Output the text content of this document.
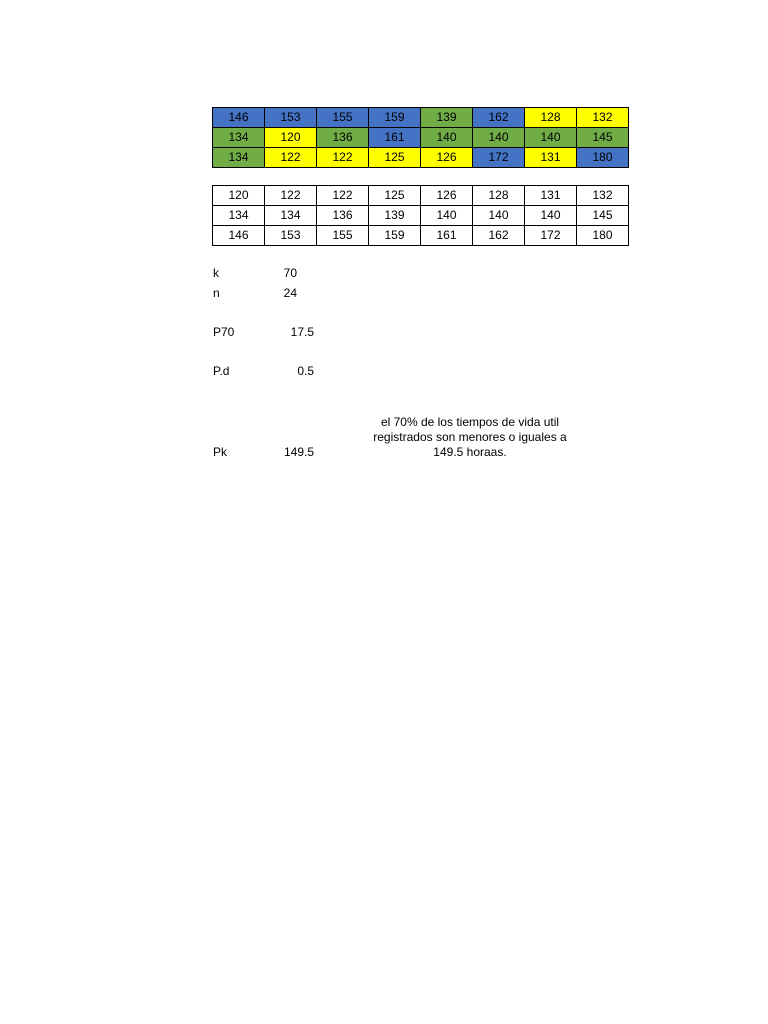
146	153	155	159	139	162	128	132
134	120	136	161	140	140	140	145
134	122	122	125	126	172	131	180
120	122	122	125	126	128	131	132
134	134	136	139	140	140	140	145
146	153	155	159	161	162	172	180
k	70
n	24
P70	17.5
P.d	0.5
Pk	149.5
el 70% de los tiempos de vida util
registrados son menores o iguales a
149.5 horaas.
